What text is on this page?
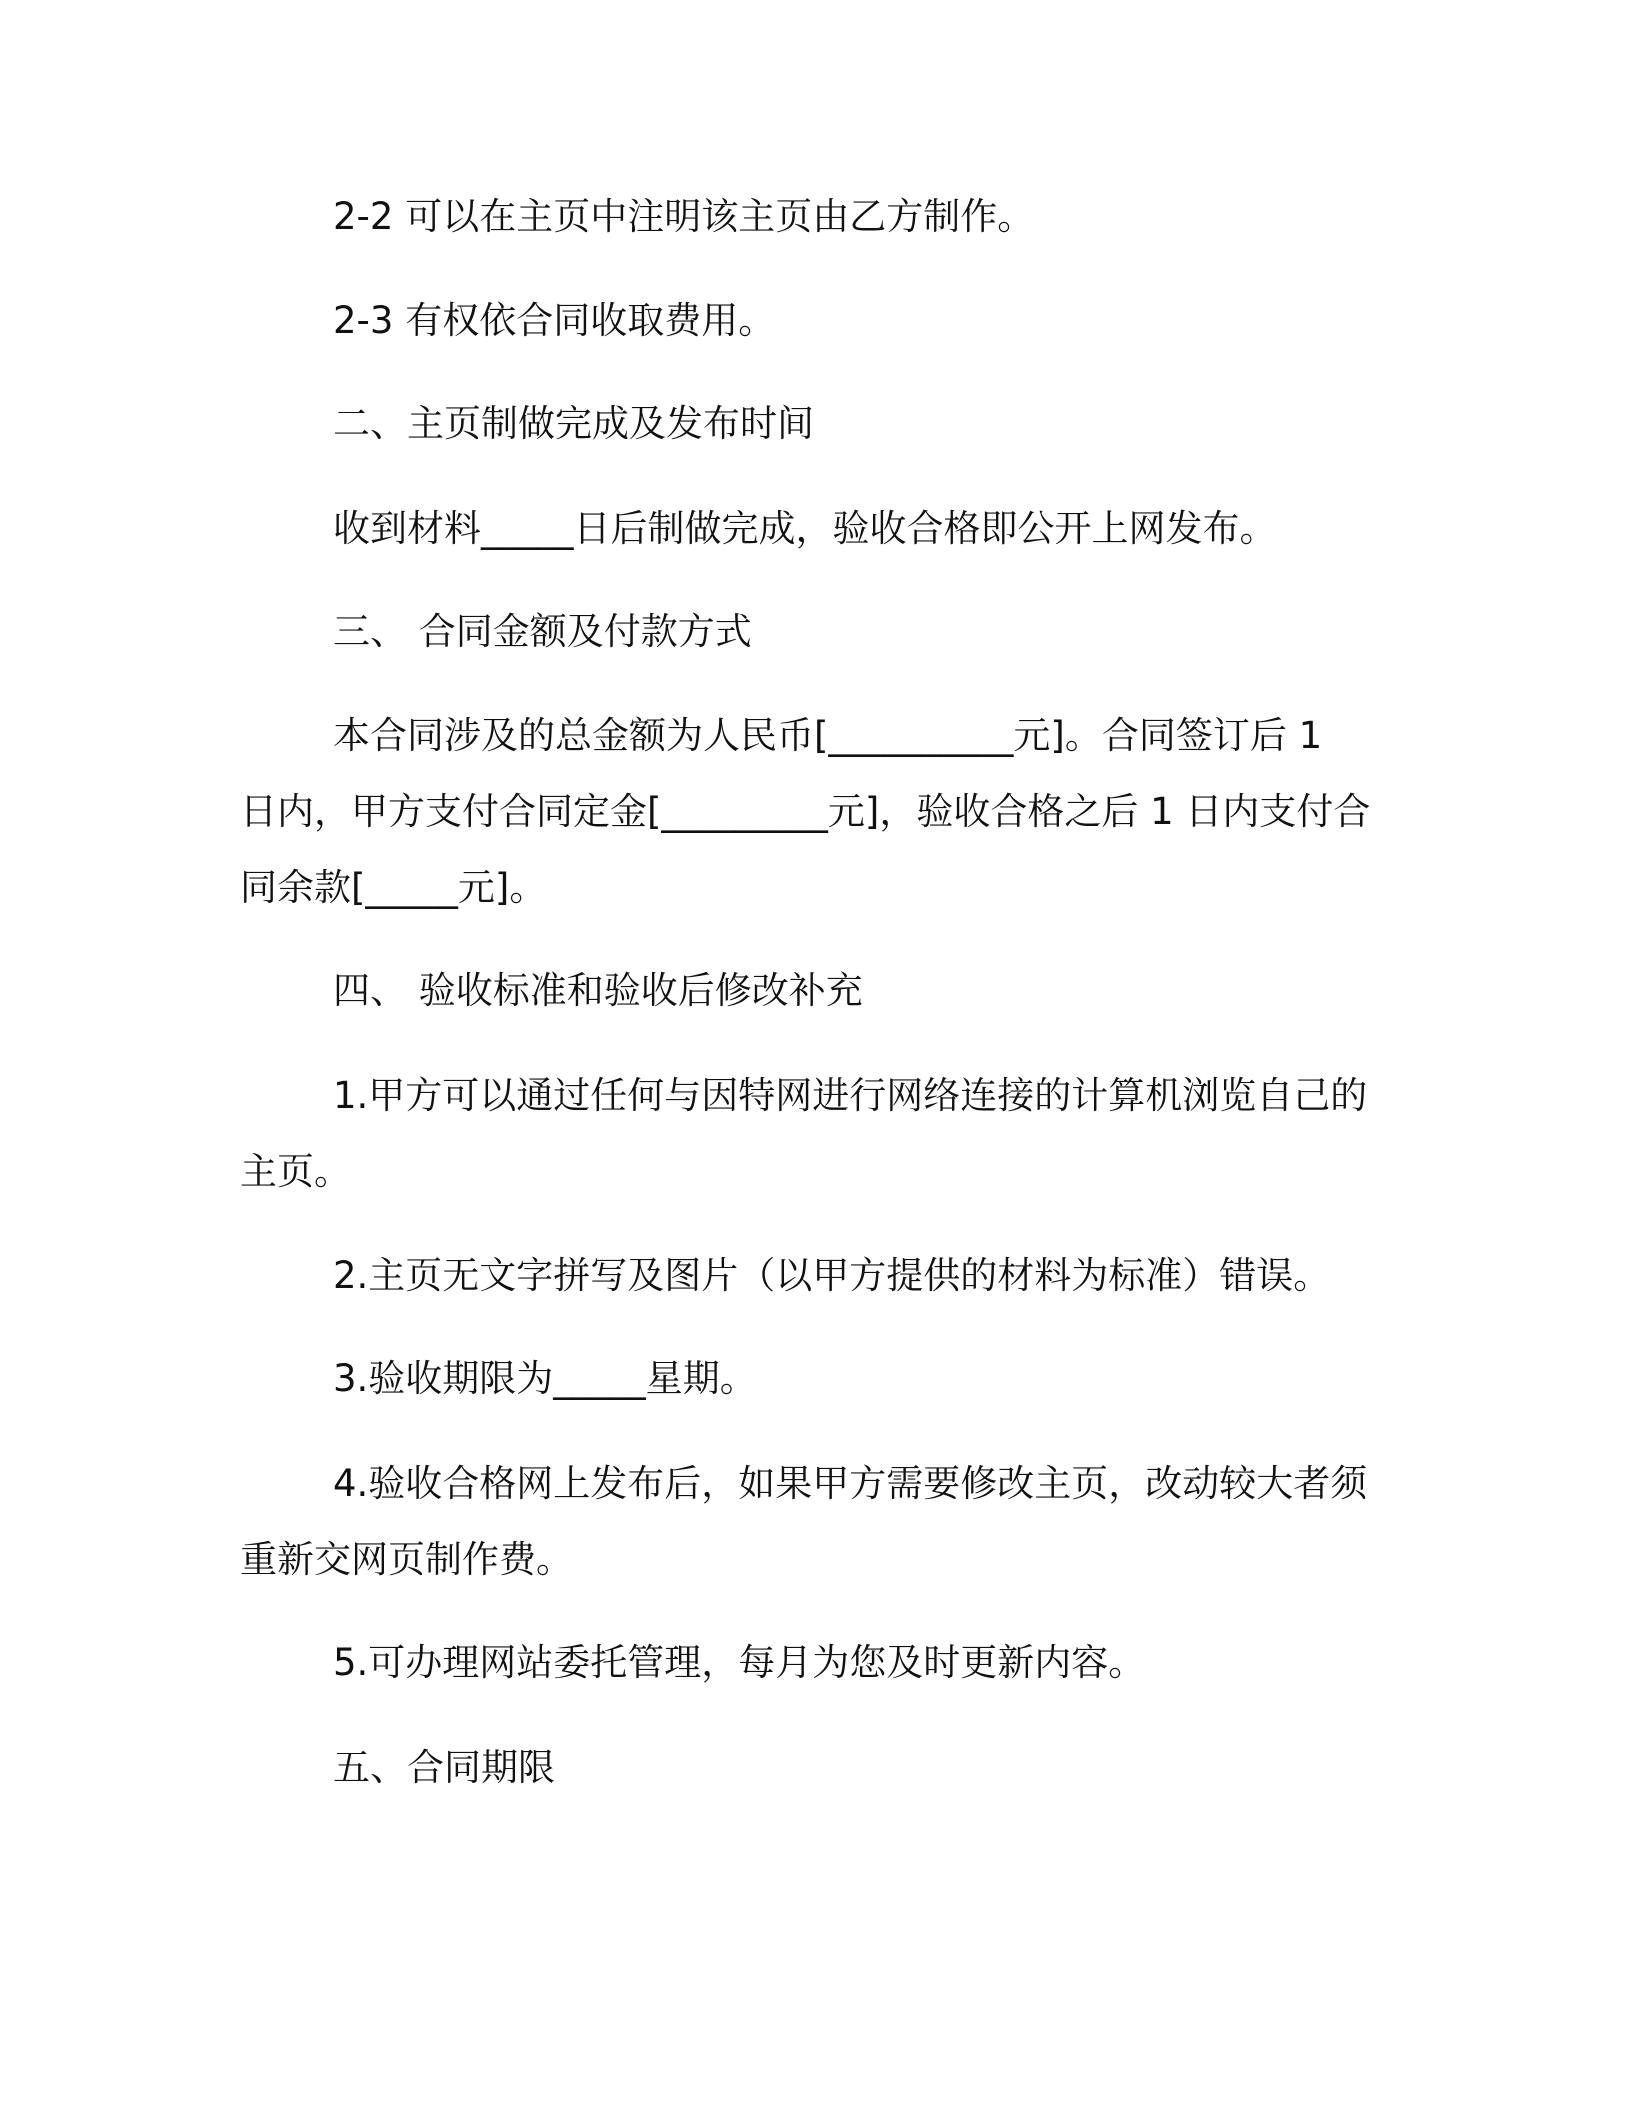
2-2 可以在主页中注明该主页由乙方制作。
2-3 有权依合同收取费用。
二、主页制做完成及发布时间
收到材料_____日后制做完成，验收合格即公开上网发布。
三、 合同金额及付款方式
本合同涉及的总金额为人民币[__________元]。合同签订后 1
日内，甲方支付合同定金[_________元]，验收合格之后 1 日内支付合
同余款[_____元]。
四、 验收标准和验收后修改补充
1.甲方可以通过任何与因特网进行网络连接的计算机浏览自己的
主页。
2.主页无文字拼写及图片（以甲方提供的材料为标准）错误。
3.验收期限为_____星期。
4.验收合格网上发布后，如果甲方需要修改主页，改动较大者须
重新交网页制作费。
5.可办理网站委托管理，每月为您及时更新内容。
五、合同期限
